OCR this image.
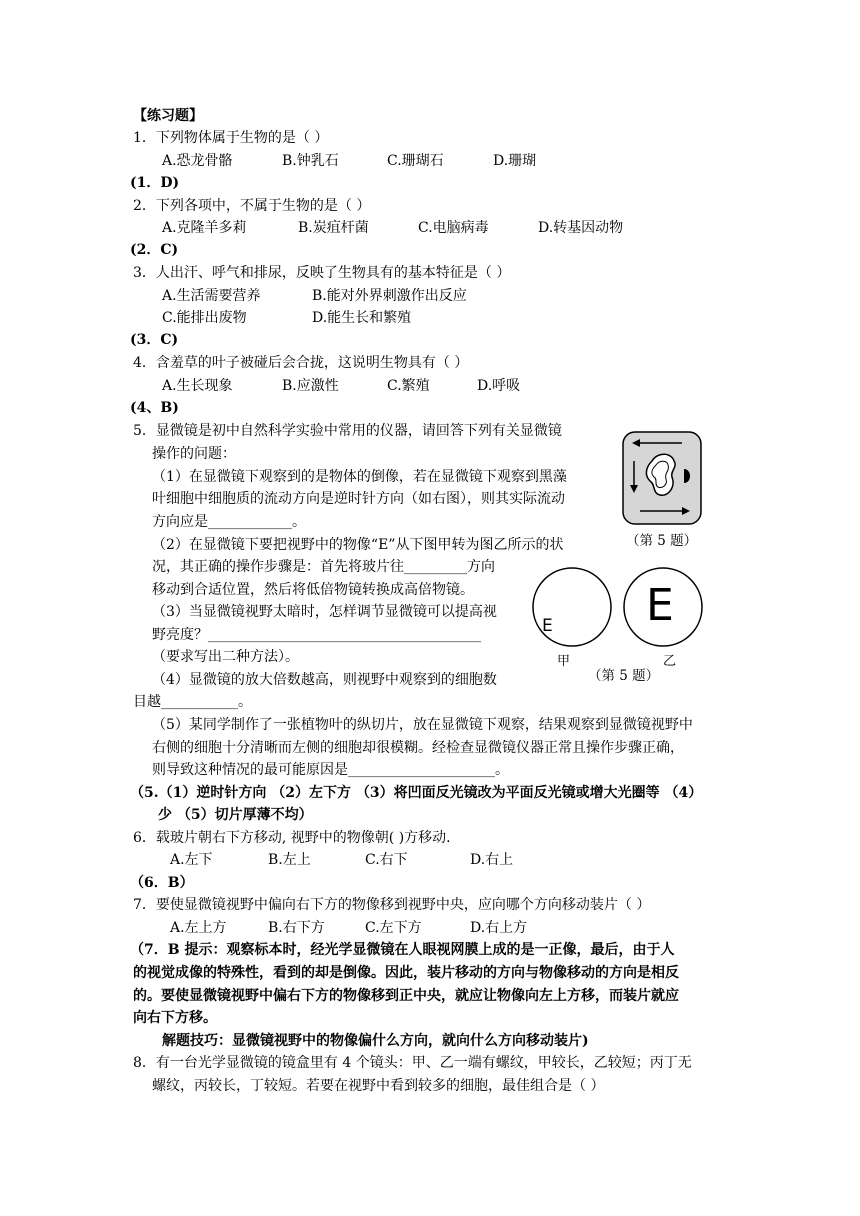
【练习题】
1．下列物体属于生物的是（ ）
A.恐龙骨骼	B.钟乳石	C.珊瑚石	D.珊瑚
(1．D)
2．下列各项中，不属于生物的是（ ）
A.克隆羊多莉	B.炭疽杆菌	C.电脑病毒	D.转基因动物
(2．C)
3．人出汗、呼气和排尿，反映了生物具有的基本特征是（ ）
A.生活需要营养	B.能对外界刺激作出反应
C.能排出废物	D.能生长和繁殖
(3．C)
4．含羞草的叶子被碰后会合拢，这说明生物具有（ ）
A.生长现象	B.应激性	C.繁殖	D.呼吸
(4、B)
5．显微镜是初中自然科学实验中常用的仪器，请回答下列有关显微镜
操作的问题：
（1）在显微镜下观察到的是物体的倒像，若在显微镜下观察到黑藻
叶细胞中细胞质的流动方向是逆时针方向（如右图），则其实际流动
方向应是____________。
（2）在显微镜下要把视野中的物像“E”从下图甲转为图乙所示的状
况，其正确的操作步骤是：首先将玻片往_________方向
移动到合适位置，然后将低倍物镜转换成高倍物镜。
（3）当显微镜视野太暗时，怎样调节显微镜可以提高视
野亮度？_______________________________________
（要求写出二种方法）。
（4）显微镜的放大倍数越高，则视野中观察到的细胞数
目越___________。
（5）某同学制作了一张植物叶的纵切片，放在显微镜下观察，结果观察到显微镜视野中
右侧的细胞十分清晰而左侧的细胞却很模糊。经检查显微镜仪器正常且操作步骤正确，
则导致这种情况的最可能原因是_____________________。
（5.（1）逆时针方向 （2）左下方 （3）将凹面反光镜改为平面反光镜或增大光圈等 （4）
少 （5）切片厚薄不均）
（第 5 题）
E E
甲	乙
（第 5 题）
6．载玻片朝右下方移动, 视野中的物像朝( )方移动.
A.左下	B.左上	C.右下	D.右上
（6．B）
7．要使显微镜视野中偏向右下方的物像移到视野中央，应向哪个方向移动装片（ ）
A.左上方	B.右下方	C.左下方	D.右上方
（7．B 提示：观察标本时，经光学显微镜在人眼视网膜上成的是一正像，最后，由于人
的视觉成像的特殊性，看到的却是倒像。因此，装片移动的方向与物像移动的方向是相反
的。要使显微镜视野中偏右下方的物像移到正中央，就应让物像向左上方移，而装片就应
向右下方移。
解题技巧：显微镜视野中的物像偏什么方向，就向什么方向移动装片)
8．有一台光学显微镜的镜盒里有 4 个镜头：甲、乙一端有螺纹，甲较长，乙较短；丙丁无
螺纹，丙较长，丁较短。若要在视野中看到较多的细胞，最佳组合是（ ）
